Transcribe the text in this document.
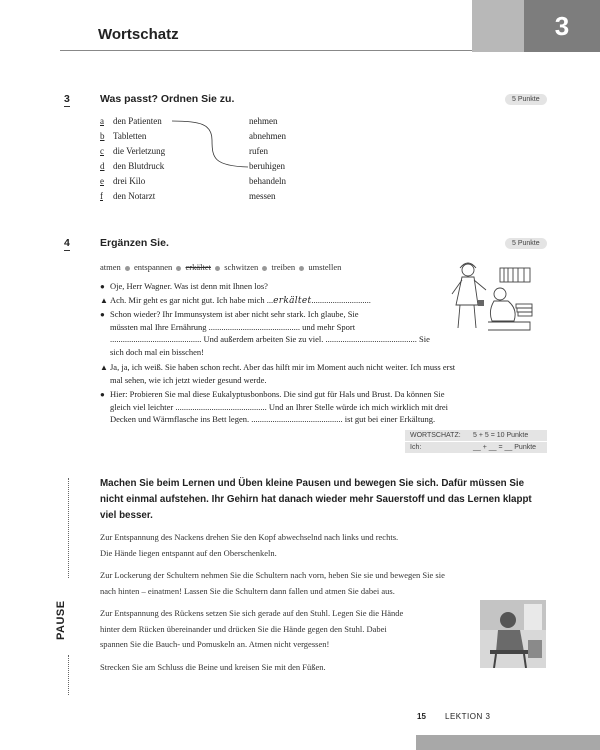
Wortschatz	3
3	Was passt? Ordnen Sie zu.	5 Punkte
a den Patienten
b Tabletten
c die Verletzung
d den Blutdruck
e drei Kilo
f den Notarzt
nehmen
abnehmen
rufen
beruhigen
behandeln
messen
4	Ergänzen Sie.	5 Punkte
atmen entspannen erkältet schwitzen treiben umstellen
● Oje, Herr Wagner. Was ist denn mit Ihnen los?
▲ Ach. Mir geht es gar nicht gut. Ich habe mich ...erkältet............................
● Schon wieder? Ihr Immunsystem ist aber nicht sehr stark. Ich glaube, Sie
müssten mal Ihre Ernährung ........................................... und mehr Sport
........................................... Und außerdem arbeiten Sie zu viel. ........................................... Sie
sich doch mal ein bisschen!
▲ Ja, ja, ich weiß. Sie haben schon recht. Aber das hilft mir im Moment auch nicht weiter. Ich muss erst
mal sehen, wie ich jetzt wieder gesund werde.
● Hier: Probieren Sie mal diese Eukalyptusbonbons. Die sind gut für Hals und Brust. Da können Sie
gleich viel leichter ........................................... Und an Ihrer Stelle würde ich mich wirklich mit drei
Decken und Wärmflasche ins Bett legen. ........................................... ist gut bei einer Erkältung.
WORTSCHATZ:	5 + 5 = 10 Punkte
Ich:	__ + __ = __ Punkte
PAUSE
Machen Sie beim Lernen und Üben kleine Pausen und bewegen Sie sich. Dafür müssen Sie nicht einmal aufstehen. Ihr Gehirn hat danach wieder mehr Sauerstoff und das Lernen klappt viel besser.
Zur Entspannung des Nackens drehen Sie den Kopf abwechselnd nach links und rechts.
Die Hände liegen entspannt auf den Oberschenkeln.
Zur Lockerung der Schultern nehmen Sie die Schultern nach vorn, heben Sie sie und bewegen Sie sie
nach hinten – einatmen! Lassen Sie die Schultern dann fallen und atmen Sie dabei aus.
Zur Entspannung des Rückens setzen Sie sich gerade auf den Stuhl. Legen Sie die Hände
hinter dem Rücken übereinander und drücken Sie die Hände gegen den Stuhl. Dabei
spannen Sie die Bauch- und Pomuskeln an. Atmen nicht vergessen!
Strecken Sie am Schluss die Beine und kreisen Sie mit den Füßen.
15 LEKTION 3
